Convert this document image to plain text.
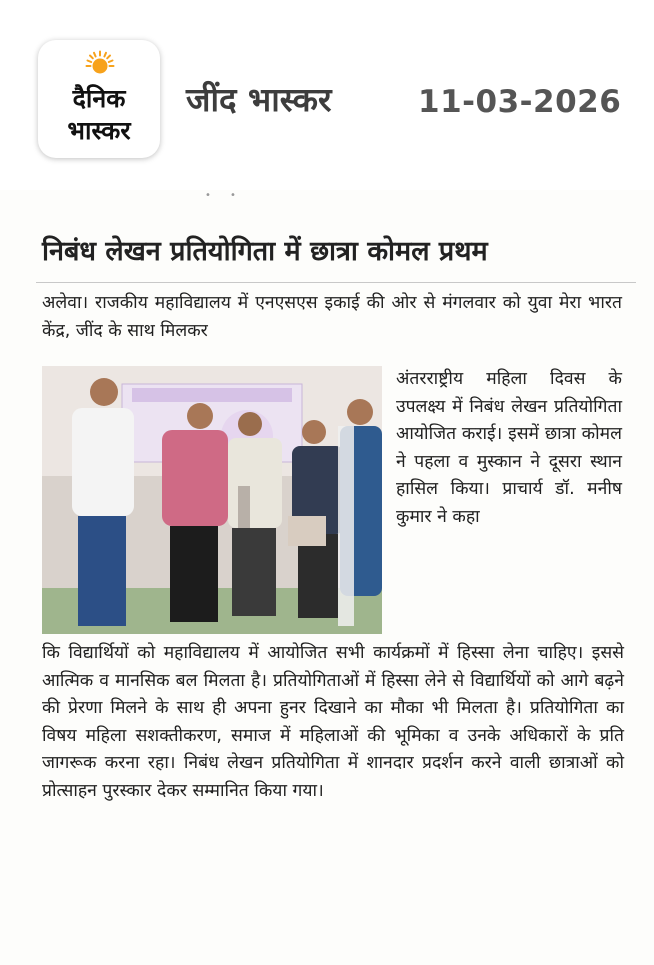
दैनिक
भास्कर
जींद भास्कर	11-03-2026
•      •
निबंध लेखन प्रतियोगिता में छात्रा कोमल प्रथम

अलेवा। राजकीय महाविद्यालय में एनएसएस इकाई की ओर से मंगलवार को युवा मेरा भारत केंद्र, जींद के साथ मिलकर

अंतरराष्ट्रीय महिला दिवस के उपलक्ष्य में निबंध लेखन प्रतियोगिता आयोजित कराई। इसमें छात्रा कोमल ने पहला व मुस्कान ने दूसरा स्थान हासिल किया। प्राचार्य डॉ. मनीष कुमार ने कहा

कि विद्यार्थियों को महाविद्यालय में आयोजित सभी कार्यक्रमों में हिस्सा लेना चाहिए। इससे आत्मिक व मानसिक बल मिलता है। प्रतियोगिताओं में हिस्सा लेने से विद्यार्थियों को आगे बढ़ने की प्रेरणा मिलने के साथ ही अपना हुनर दिखाने का मौका भी मिलता है। प्रतियोगिता का विषय महिला सशक्तीकरण, समाज में महिलाओं की भूमिका व उनके अधिकारों के प्रति जागरूक करना रहा। निबंध लेखन प्रतियोगिता में शानदार प्रदर्शन करने वाली छात्राओं को प्रोत्साहन पुरस्कार देकर सम्मानित किया गया।
